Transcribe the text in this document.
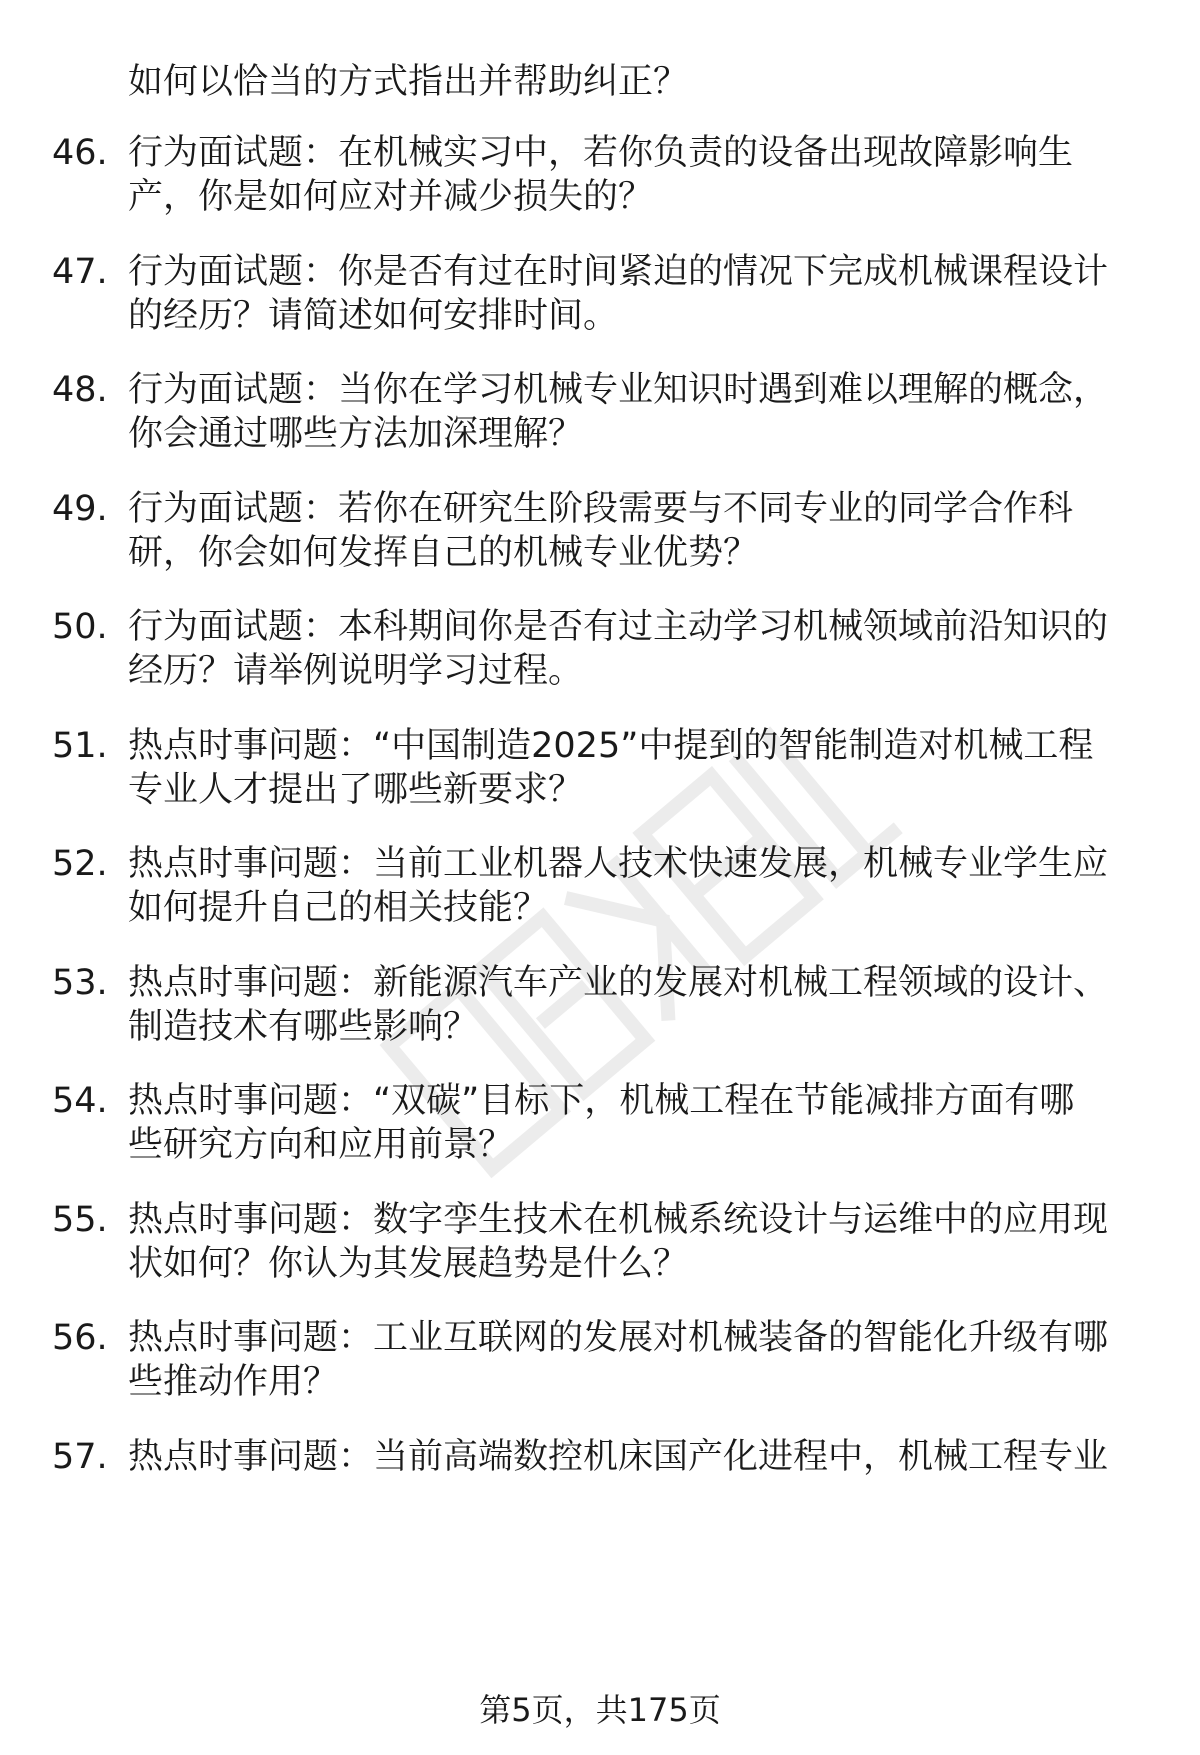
如何以恰当的方式指出并帮助纠正？
46. 行为面试题：在机械实习中，若你负责的设备出现故障影响生
产，你是如何应对并减少损失的？
47. 行为面试题：你是否有过在时间紧迫的情况下完成机械课程设计
的经历？请简述如何安排时间。
48. 行为面试题：当你在学习机械专业知识时遇到难以理解的概念，
你会通过哪些方法加深理解？
49. 行为面试题：若你在研究生阶段需要与不同专业的同学合作科
研，你会如何发挥自己的机械专业优势？
50. 行为面试题：本科期间你是否有过主动学习机械领域前沿知识的
经历？请举例说明学习过程。
51. 热点时事问题：“中国制造2025”中提到的智能制造对机械工程
专业人才提出了哪些新要求？
52. 热点时事问题：当前工业机器人技术快速发展，机械专业学生应
如何提升自己的相关技能？
53. 热点时事问题：新能源汽车产业的发展对机械工程领域的设计、
制造技术有哪些影响？
54. 热点时事问题：“双碳”目标下，机械工程在节能减排方面有哪
些研究方向和应用前景？
55. 热点时事问题：数字孪生技术在机械系统设计与运维中的应用现
状如何？你认为其发展趋势是什么？
56. 热点时事问题：工业互联网的发展对机械装备的智能化升级有哪
些推动作用？
57. 热点时事问题：当前高端数控机床国产化进程中，机械工程专业
第5页，共175页
